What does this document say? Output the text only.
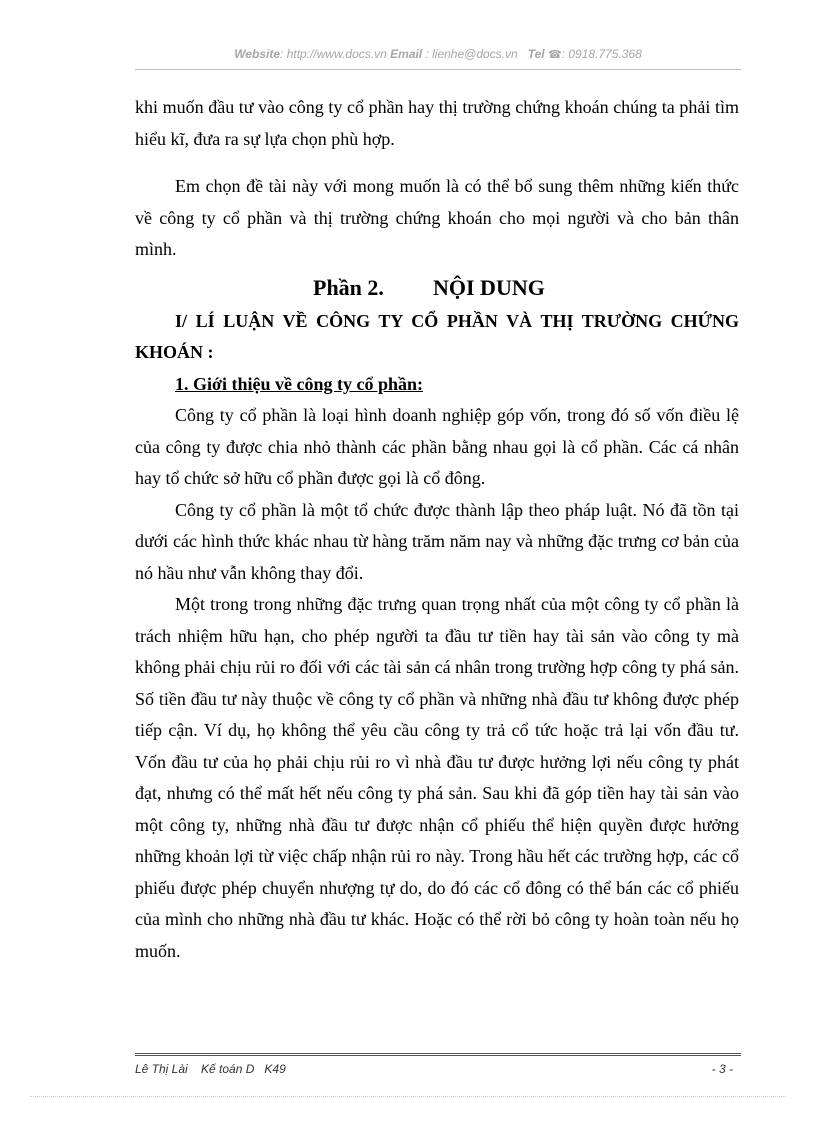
Website: http://www.docs.vn Email : lienhe@docs.vn Tel ☎: 0918.775.368

khi muốn đầu tư vào công ty cổ phần hay thị trường chứng khoán chúng ta phải tìm hiểu kĩ, đưa ra sự lựa chọn phù hợp.

Em chọn đề tài này với mong muốn là có thể bổ sung thêm những kiến thức về công ty cổ phần và thị trường chứng khoán cho mọi người và cho bản thân mình.

Phần 2. NỘI DUNG

I/ LÍ LUẬN VỀ CÔNG TY CỔ PHẦN VÀ THỊ TRƯỜNG CHỨNG KHOÁN :

1. Giới thiệu về công ty cổ phần:

Công ty cổ phần là loại hình doanh nghiệp góp vốn, trong đó số vốn điều lệ của công ty được chia nhỏ thành các phần bằng nhau gọi là cổ phần. Các cá nhân hay tổ chức sở hữu cổ phần được gọi là cổ đông.

Công ty cổ phần là một tổ chức được thành lập theo pháp luật. Nó đã tồn tại dưới các hình thức khác nhau từ hàng trăm năm nay và những đặc trưng cơ bản của nó hầu như vẫn không thay đổi.

Một trong trong những đặc trưng quan trọng nhất của một công ty cổ phần là trách nhiệm hữu hạn, cho phép người ta đầu tư tiền hay tài sản vào công ty mà không phải chịu rủi ro đối với các tài sản cá nhân trong trường hợp công ty phá sản. Số tiền đầu tư này thuộc về công ty cổ phần và những nhà đầu tư không được phép tiếp cận. Ví dụ, họ không thể yêu cầu công ty trả cổ tức hoặc trả lại vốn đầu tư. Vốn đầu tư của họ phải chịu rủi ro vì nhà đầu tư được hưởng lợi nếu công ty phát đạt, nhưng có thể mất hết nếu công ty phá sản. Sau khi đã góp tiền hay tài sản vào một công ty, những nhà đầu tư được nhận cổ phiếu thể hiện quyền được hưởng những khoản lợi từ việc chấp nhận rủi ro này. Trong hầu hết các trường hợp, các cổ phiếu được phép chuyển nhượng tự do, do đó các cổ đông có thể bán các cổ phiếu của mình cho những nhà đầu tư khác. Hoặc có thể rời bỏ công ty hoàn toàn nếu họ muốn.

Lê Thị Lài    Kế toán D   K49	- 3 -
